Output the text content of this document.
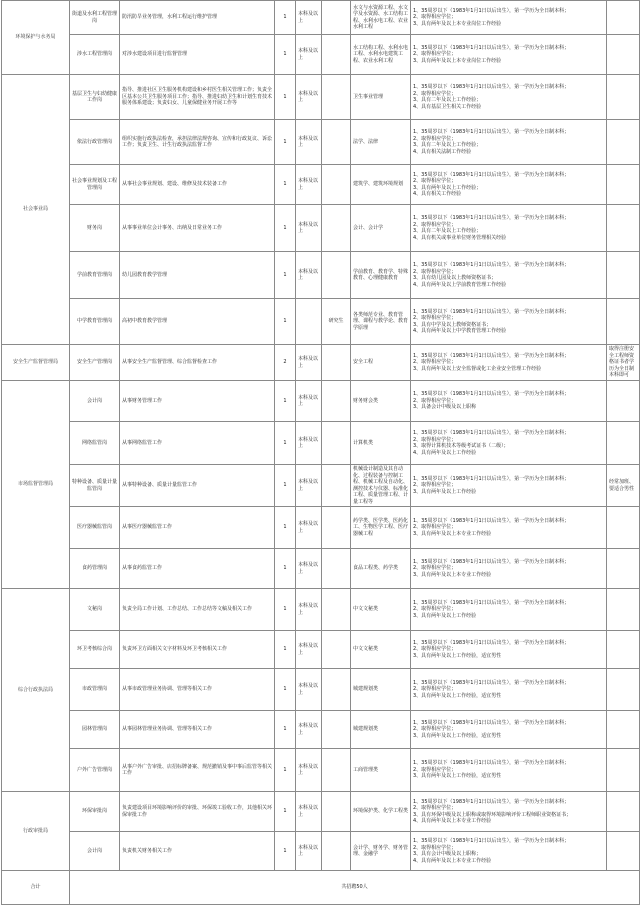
环境保护与水务局	街道及水利工程管理岗	防汛防旱业务管理，水利工程运行维护管理	1	本科及以上		水文与水资源工程、水文学及水资源、水工结构工程、水利水电工程、农业水利工程	1、35周岁以下（1983年1月1日以后出生），第一学历为全日制本科；
2、取得相应学位；
3、具有两年及以上本专业岗位工作经验	

	涉水工程管理岗	对涉水建设项目进行监督管理	1	本科及以上		水工结构工程、水利水电工程、水利水电建筑工程、农业水利工程	1、35周岁以下（1983年1月1日以后出生），第一学历为全日制本科；
2、取得相应学位；
3、具有两年及以上本专业岗位工作经验	

社会事业局	基层卫生与妇幼健康工作岗	指导、推进社区卫生服务机构建设和乡村医生相关管理工作；负责全区基本公共卫生服务项目工作；指导、推进妇幼卫生和计划生育技术服务体系建设；负责妇女、儿童保健业务开展工作等	1	本科及以上		卫生事业管理	1、35周岁以下（1983年1月1日以后出生），第一学历为全日制本科；
2、取得相应学位；
3、具有二年及以上工作经验；
4、具有基层卫生相关工作经验	

	依法行政管理岗	组织实施行政执法检查，承担法律法规咨询、宣传和行政复议、诉讼工作；负责卫生、计生行政执法监督工作	1	本科及以上		法学、法律	1、35周岁以下（1983年1月1日以后出生），第一学历为全日制本科；
2、取得相应学位；
3、具有二年及以上工作经验；
4、具有相关法制工作经验	

	社会事业规划及工程管理岗	从事社会事业规划、建设、维修及技术装备工作	1	本科及以上		建筑学、建筑环境规划	1、35周岁以下（1983年1月1日以后出生），第一学历为全日制本科；
2、取得相应学位；
3、具有两年及以上工作经验；
4、具有相关工作经验	

	财务岗	从事事业单位会计事务、出纳及日常业务工作	1	本科及以上		会计、会计学	1、35周岁以下（1983年1月1日以后出生），第一学历为全日制本科；
2、取得相应学位；
3、具有二年及以上工作经验；
4、具有机关或事业单位财务管理相关经验	

	学前教育管理岗	幼儿园教育教学管理	1	本科及以上		学前教育、教育学、特殊教育、心理健康教育	1、35周岁以下（1983年1月1日以后出生），第一学历为全日制本科；
2、取得相应学位；
3、具有幼儿园及以上教师资格证书；
4、具有两年及以上学前教育管理工作经验	

	中学教育管理岗	高初中教育教学管理	1		研究生	各类师范专业、教育管理、课程与教学论、教育学原理	1、35周岁以下（1983年1月1日以后出生），第一学历为全日制本科；
2、取得相应学位；
3、具有中学及以上教师资格证书；
4、具有两年及以上中学教育管理工作经验	

安全生产监督管理局	安全生产管理岗	从事安全生产监督管理、综合监督检查工作	2	本科及以上		安全工程	1、35周岁以下（1983年1月1日以后出生），第一学历为全日制本科；
2、取得相应学位；
3、具有两年及以上安全监督或化工企业安全管理工作经验	取得注册安全工程师资格证书者学历为全日制本科即可
市场监督管理局	会计岗	从事财务管理工作	1	本科及以上		财务财会类	1、35周岁以下（1983年1月1日以后出生），第一学历为全日制本科；
2、取得相应学位；
3、具备会计中级及以上职称	

	网络监管岗	从事网络监管工作	1	本科及以上		计算机类	1、35周岁以下（1983年1月1日以后出生），第一学历为全日制本科；
2、取得相应学位；
3、取得计算机技术等级考试证书（二级）；
4、具有两年及以上工作经验	

	特种设备、质量计量监管岗	从事特种设备、质量计量监管工作	1	本科及以上		机械设计制造及其自动化、过程装备与控制工程、机械工程及自动化、测控技术与仪器、标准化工程、质量管理工程、计量工程等	1、35周岁以下（1983年1月1日以后出生），第一学历为全日制本科；
2、取得相应学位；
3、具有两年及以上工作经验	经常加班、要适合男性
	医疗器械监管岗	从事医疗器械监管工作	1	本科及以上		药学类、医学类、医药化工、生物医学工程、医疗器械工程	1、35周岁以下（1983年1月1日以后出生），第一学历为全日制本科；
2、取得相应学位；
3、具有两年及以上本专业工作经验	

	食药管理岗	从事食药监管工作	1	本科及以上		食品工程类、药学类	1、35周岁以下（1983年1月1日以后出生），第一学历为全日制本科；
2、取得相应学位；
3、具有两年及以上本专业工作经验	

综合行政执法局	文秘岗	负责全局工作计划、工作总结、工作总结等文稿及相关工作	1	本科及以上		中文文秘类	1、35周岁以下（1983年1月1日以后出生），第一学历为全日制本科；
2、取得相应学位；
3、具有两年及以上工作经验	

	环卫考核综合岗	负责环卫方面相关文字材料及环卫考核相关工作	1	本科及以上		中文文秘类	1、35周岁以下（1983年1月1日以后出生），第一学历为全日制本科；
2、取得相应学位；
3、具有两年及以上工作经验，适宜男性	

	市政管理岗	从事市政管理业务协调、管理等相关工作	1	本科及以上		城建规划类	1、35周岁以下（1983年1月1日以后出生），第一学历为全日制本科；
2、取得相应学位；
3、具有两年及以上工作经验，适宜男性	

	园林管理岗	从事园林管理业务协调、管理等相关工作	1	本科及以上		城建规划类	1、35周岁以下（1983年1月1日以后出生），第一学历为全日制本科；
2、取得相应学位；
3、具有两年及以上工作经验，适宜男性	

	户外广告管理岗	从事户外广告审批、店招标牌备案、规范撤销及事中事后监管等相关工作	1	本科及以上		工商管理类	1、35周岁以下（1983年1月1日以后出生），第一学历为全日制本科；
2、取得相应学位；
3、具有两年及以上工作经验，适宜男性	

行政审批局	环保审批岗	负责建设项目环境影响评价的审批、环保竣工验收工作，其他相关环保审批工作	1	本科及以上		环境保护类、化学工程类	1、35周岁以下（1983年1月1日以后出生），第一学历为全日制本科；
2、取得相应学位；
3、具有环保中级及以上职称或取得环境影响评价工程师职业资格证书；
4、具有两年及以上本专业工作经验	

	会计岗	负责机关财务相关工作	1	本科及以上		会计学、财务学、财务管理、金融学	1、35周岁以下（1983年1月1日以后出生），第一学历为全日制本科；
2、取得相应学位；
3、具有会计中级及以上职称；
4、具有两年及以上本专业工作经验	

合计	共招聘50人							
